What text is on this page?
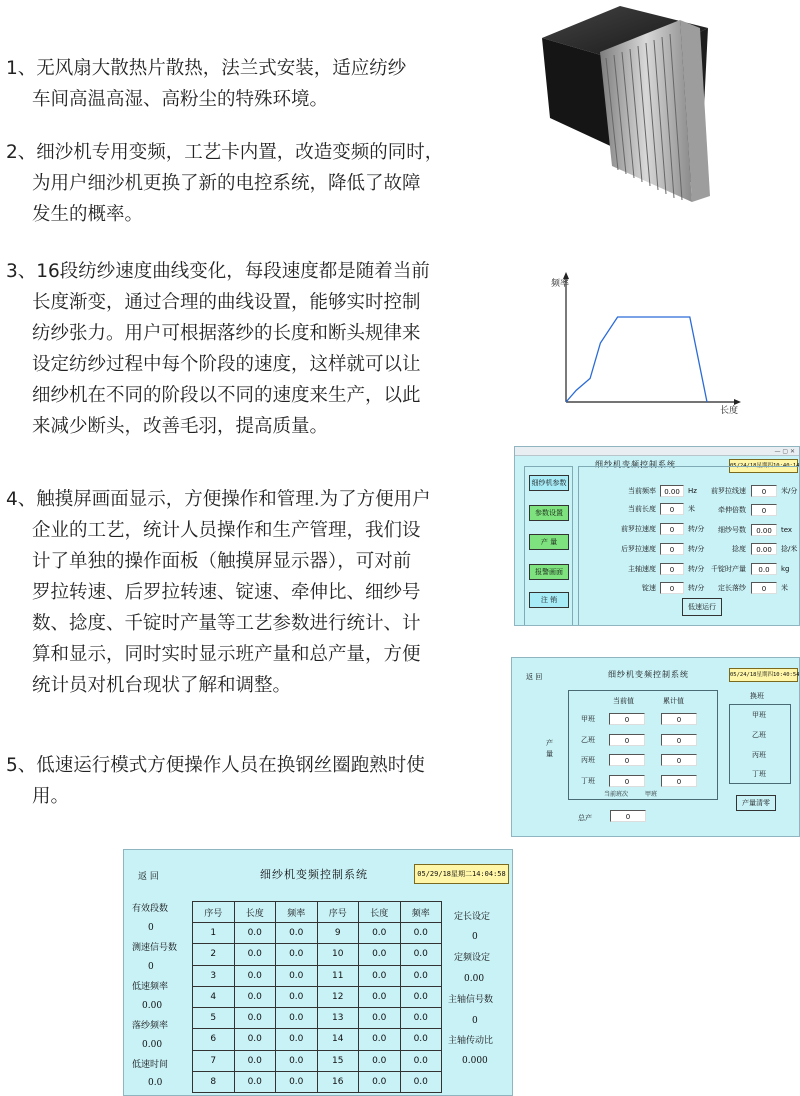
1、无风扇大散热片散热，法兰式安装，适应纺纱
车间高温高湿、高粉尘的特殊环境。
2、细沙机专用变频，工艺卡内置，改造变频的同时，
为用户细沙机更换了新的电控系统，降低了故障
发生的概率。
3、16段纺纱速度曲线变化，每段速度都是随着当前
长度渐变，通过合理的曲线设置，能够实时控制
纺纱张力。用户可根据落纱的长度和断头规律来
设定纺纱过程中每个阶段的速度，这样就可以让
细纱机在不同的阶段以不同的速度来生产，以此
来减少断头，改善毛羽，提高质量。
4、触摸屏画面显示，方便操作和管理.为了方便用户
企业的工艺，统计人员操作和生产管理，我们设
计了单独的操作面板（触摸屏显示器），可对前
罗拉转速、后罗拉转速、锭速、牵伸比、细纱号
数、捻度、千锭时产量等工艺参数进行统计、计
算和显示，同时实时显示班产量和总产量，方便
统计员对机台现状了解和调整。
5、低速运行模式方便操作人员在换钢丝圈跑熟时使
用。
频率
长度
— ▢ ✕
细纱机变频控制系统	05/24/18星期四10:40:14
细纱机参数
参数设置
产 量
报警画面
注 销
当前频率	0.00	Hz
当前长度	0	米
前罗拉速度	0	转/分
后罗拉速度	0	转/分
主轴速度	0	转/分
锭速	0	转/分
前罗拉线速	0	米/分
牵伸倍数	0
细纱号数	0.00	tex
捻度	0.00	捻/米
千锭时产量	0.0	kg
定长落纱	0	米
低速运行
返 回	细纱机变频控制系统	05/24/18星期四10:40:54
产量
当前值	累计值
甲班	0	0
乙班	0	0
丙班	0	0
丁班	0	0
当前班次	甲班
换班
甲班
乙班
丙班
丁班
产量清零
总产	0
返 回	细纱机变频控制系统	05/29/18星期二14:04:58
有效段数
0
测速信号数
0
低速频率
0.00
落纱频率
0.00
低速时间
0.0
序号	长度	频率	序号	长度	频率
1	0.0	0.0	9	0.0	0.0
2	0.0	0.0	10	0.0	0.0
3	0.0	0.0	11	0.0	0.0
4	0.0	0.0	12	0.0	0.0
5	0.0	0.0	13	0.0	0.0
6	0.0	0.0	14	0.0	0.0
7	0.0	0.0	15	0.0	0.0
8	0.0	0.0	16	0.0	0.0
定长设定
0
定频设定
0.00
主轴信号数
0
主轴传动比
0.000
